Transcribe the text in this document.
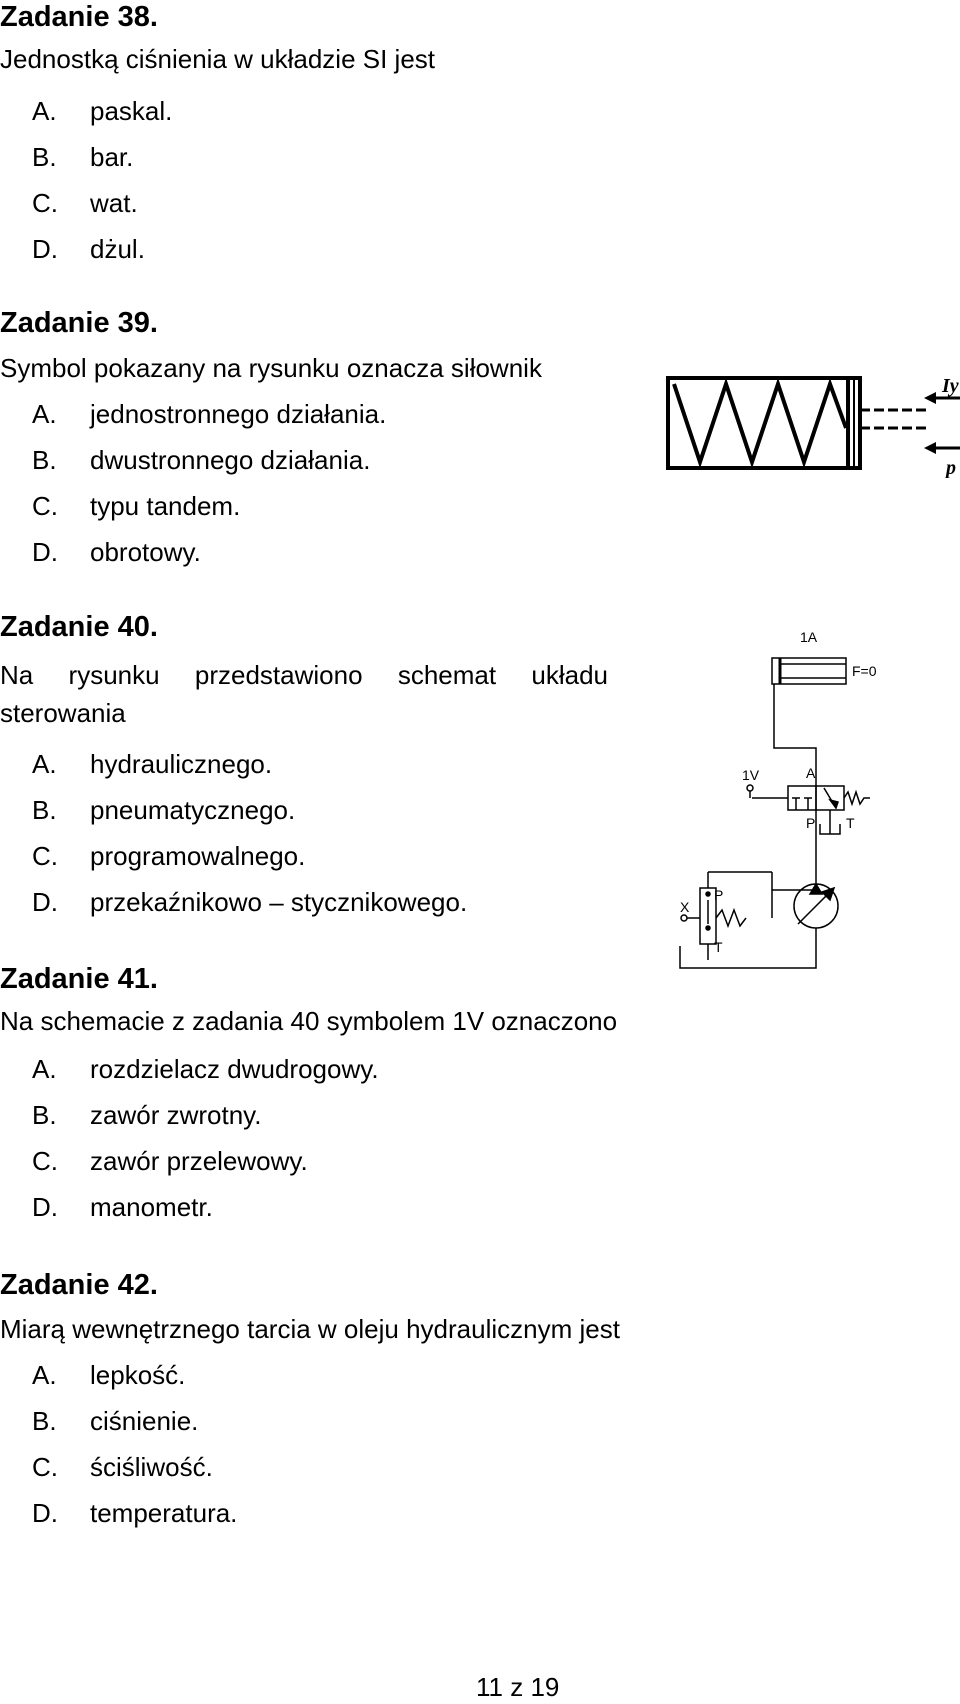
Zadanie 38.

Jednostką ciśnienia w układzie SI jest

A.	paskal.
B.	bar.
C.	wat.
D.	dżul.
Zadanie 39.

Symbol pokazany na rysunku oznacza siłownik

A.	jednostronnego działania.
B.	dwustronnego działania.
C.	typu tandem.
D.	obrotowy.
Iy
p
Zadanie 40.

Na rysunku przedstawiono schemat układu sterowania

A.	hydraulicznego.
B.	pneumatycznego.
C.	programowalnego.
D.	przekaźnikowo – stycznikowego.
1A
F=0
1V	A
P T
X
P
T
Zadanie 41.

Na schemacie z zadania 40 symbolem 1V oznaczono

A.	rozdzielacz dwudrogowy.
B.	zawór zwrotny.
C.	zawór przelewowy.
D.	manometr.
Zadanie 42.

Miarą wewnętrznego tarcia w oleju hydraulicznym jest

A.	lepkość.
B.	ciśnienie.
C.	ściśliwość.
D.	temperatura.
11 z 19
